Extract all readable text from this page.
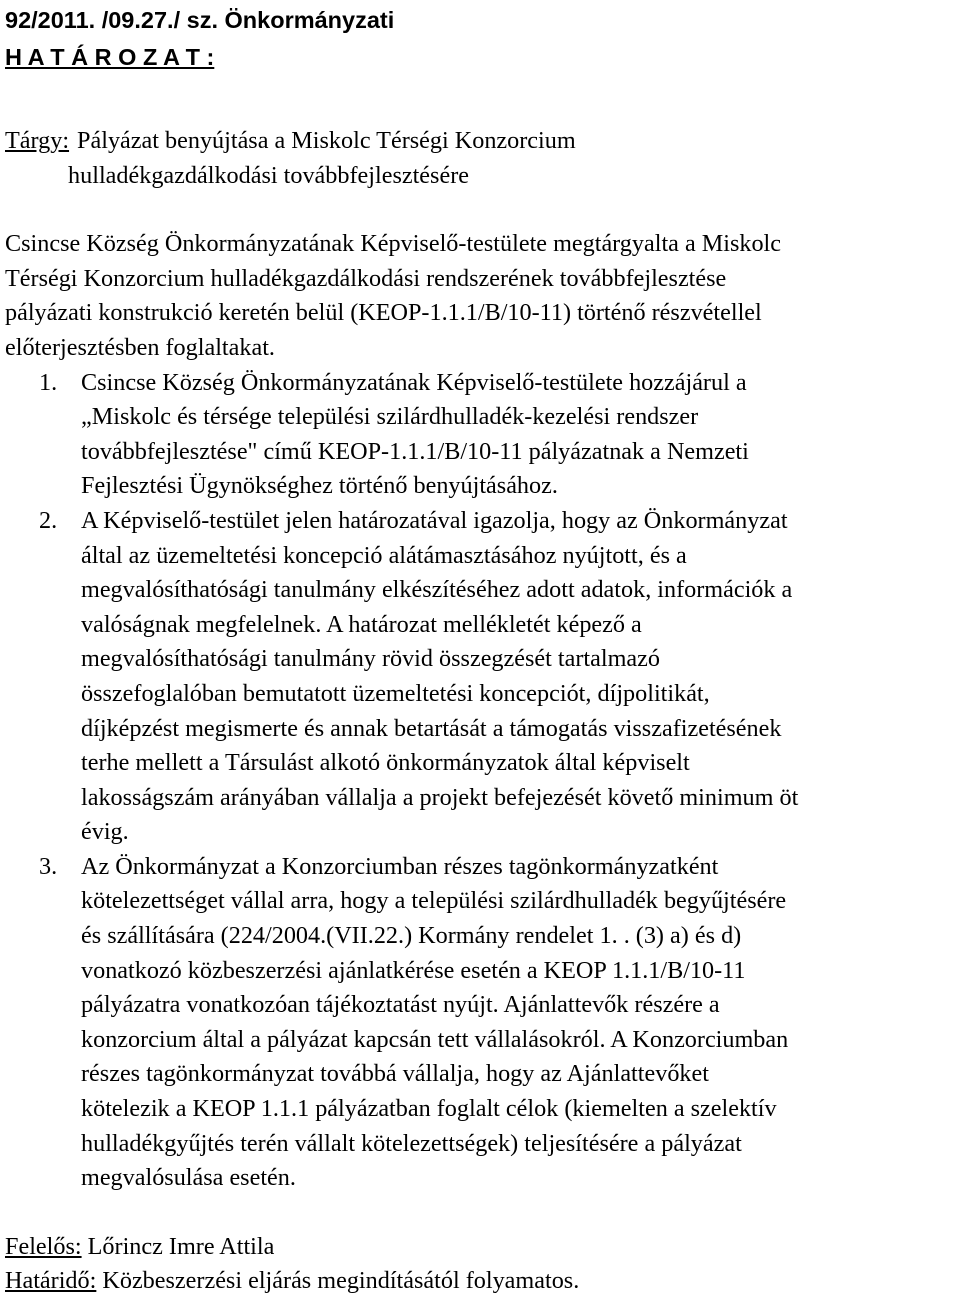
92/2011. /09.27./ sz. Önkormányzati
H A T Á R O Z A T :
Tárgy: Pályázat benyújtása a Miskolc Térségi Konzorcium
hulladékgazdálkodási továbbfejlesztésére
Csincse Község Önkormányzatának Képviselő-testülete megtárgyalta a Miskolc
Térségi Konzorcium hulladékgazdálkodási rendszerének továbbfejlesztése
pályázati konstrukció keretén belül (KEOP-1.1.1/B/10-11) történő részvétellel
előterjesztésben foglaltakat.
1. Csincse Község Önkormányzatának Képviselő-testülete hozzájárul a
„Miskolc és térsége települési szilárdhulladék-kezelési rendszer
továbbfejlesztése" című KEOP-1.1.1/B/10-11 pályázatnak a Nemzeti
Fejlesztési Ügynökséghez történő benyújtásához.
2. A Képviselő-testület jelen határozatával igazolja, hogy az Önkormányzat
által az üzemeltetési koncepció alátámasztásához nyújtott, és a
megvalósíthatósági tanulmány elkészítéséhez adott adatok, információk a
valóságnak megfelelnek. A határozat mellékletét képező a
megvalósíthatósági tanulmány rövid összegzését tartalmazó
összefoglalóban bemutatott üzemeltetési koncepciót, díjpolitikát,
díjképzést megismerte és annak betartását a támogatás visszafizetésének
terhe mellett a Társulást alkotó önkormányzatok által képviselt
lakosságszám arányában vállalja a projekt befejezését követő minimum öt
évig.
3. Az Önkormányzat a Konzorciumban részes tagönkormányzatként
kötelezettséget vállal arra, hogy a települési szilárdhulladék begyűjtésére
és szállítására (224/2004.(VII.22.) Kormány rendelet 1. . (3) a) és d)
vonatkozó közbeszerzési ajánlatkérése esetén a KEOP 1.1.1/B/10-11
pályázatra vonatkozóan tájékoztatást nyújt. Ajánlattevők részére a
konzorcium által a pályázat kapcsán tett vállalásokról. A Konzorciumban
részes tagönkormányzat továbbá vállalja, hogy az Ajánlattevőket
kötelezik a KEOP 1.1.1 pályázatban foglalt célok (kiemelten a szelektív
hulladékgyűjtés terén vállalt kötelezettségek) teljesítésére a pályázat
megvalósulása esetén.
Felelős: Lőrincz Imre Attila
Határidő: Közbeszerzési eljárás megindításától folyamatos.
